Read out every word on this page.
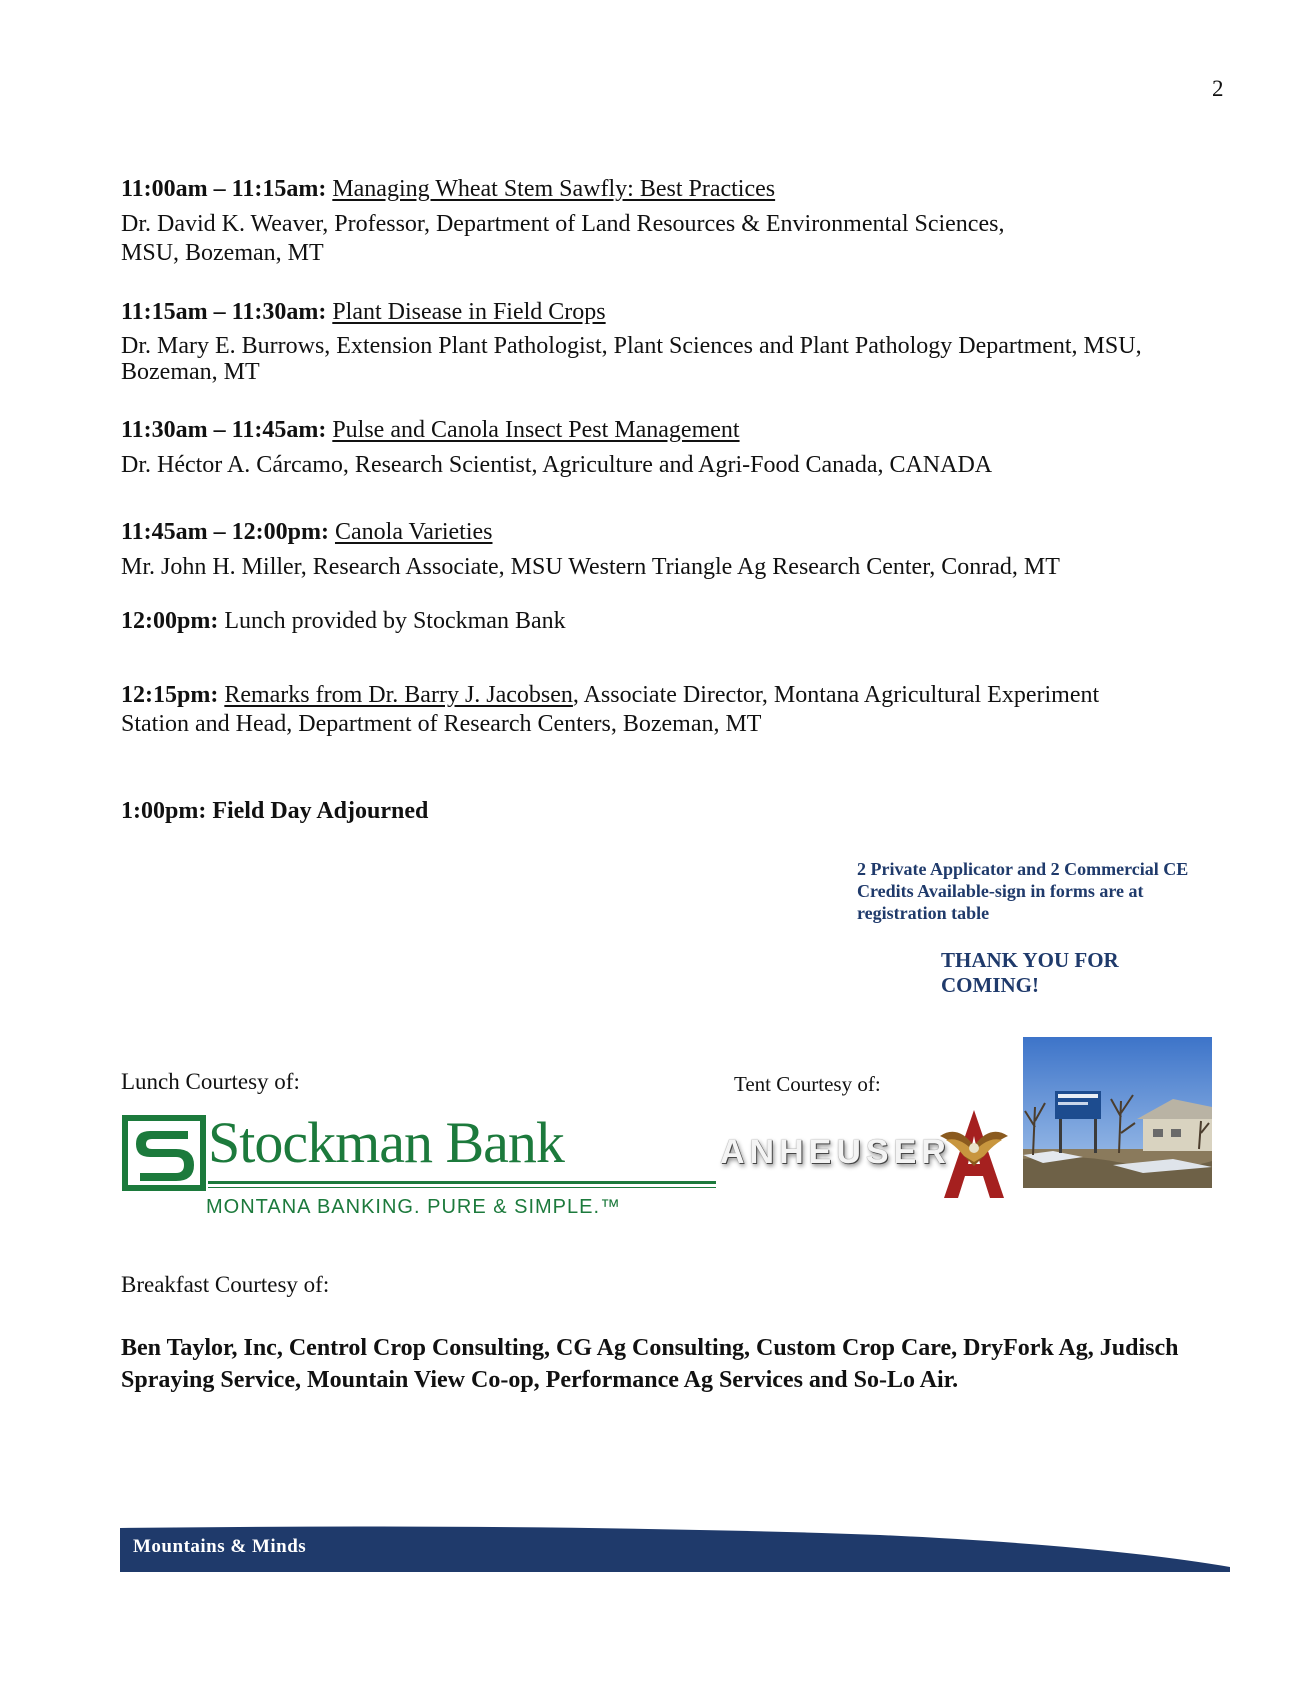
2
11:00am – 11:15am: Managing Wheat Stem Sawfly: Best Practices
Dr. David K. Weaver, Professor, Department of Land Resources & Environmental Sciences,
MSU, Bozeman, MT
11:15am – 11:30am: Plant Disease in Field Crops
Dr. Mary E. Burrows, Extension Plant Pathologist, Plant Sciences and Plant Pathology Department, MSU,
Bozeman, MT
11:30am – 11:45am: Pulse and Canola Insect Pest Management
Dr. Héctor A. Cárcamo, Research Scientist, Agriculture and Agri-Food Canada, CANADA
11:45am – 12:00pm: Canola Varieties
Mr. John H. Miller, Research Associate, MSU Western Triangle Ag Research Center, Conrad, MT
12:00pm: Lunch provided by Stockman Bank
12:15pm: Remarks from Dr. Barry J. Jacobsen, Associate Director, Montana Agricultural Experiment
Station and Head, Department of Research Centers, Bozeman, MT
1:00pm: Field Day Adjourned
2 Private Applicator and 2 Commercial CE Credits Available-sign in forms are at registration table
THANK YOU FOR COMING!
Lunch Courtesy of:	Tent Courtesy of:
Stockman Bank
MONTANA BANKING. PURE & SIMPLE.™
ANHEUSER
Breakfast Courtesy of:
Ben Taylor, Inc, Centrol Crop Consulting, CG Ag Consulting, Custom Crop Care, DryFork Ag, Judisch Spraying Service, Mountain View Co-op, Performance Ag Services and So-Lo Air.
Mountains & Minds
